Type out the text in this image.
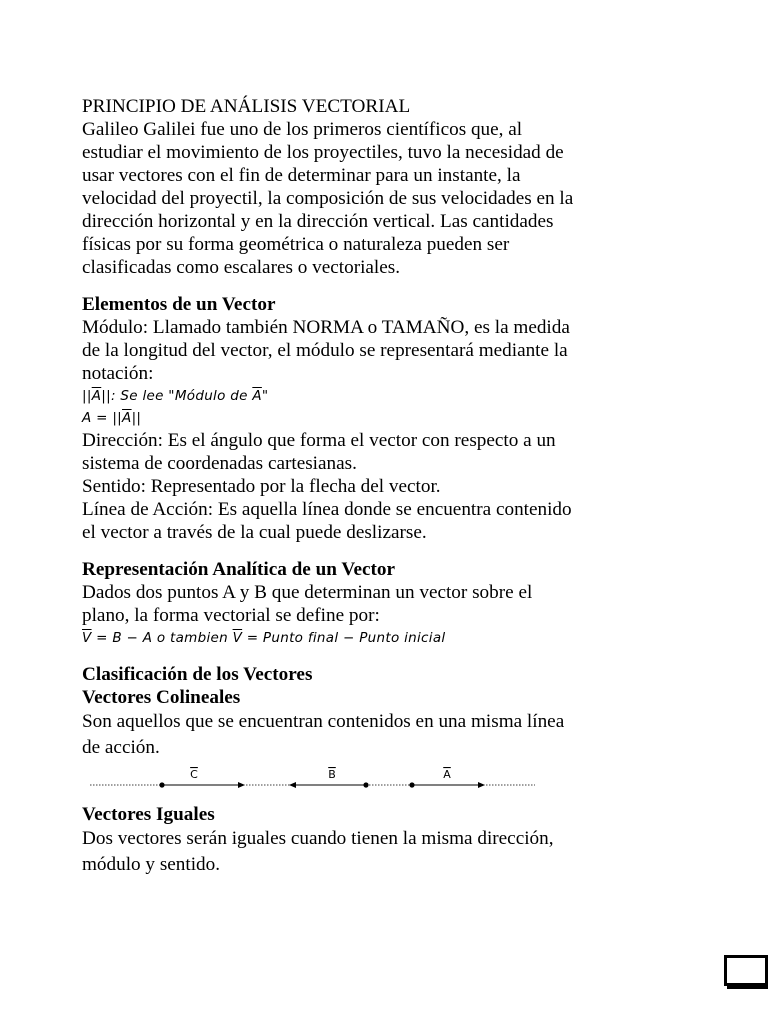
PRINCIPIO DE ANÁLISIS VECTORIAL

Galileo Galilei fue uno de los primeros científicos que, al

estudiar el movimiento de los proyectiles, tuvo la necesidad de

usar vectores con el fin de determinar para un instante, la

velocidad del proyectil, la composición de sus velocidades en la

dirección horizontal y en la dirección vertical. Las cantidades

físicas por su forma geométrica o naturaleza pueden ser

clasificadas como escalares o vectoriales.

Elementos de un Vector

Módulo: Llamado también NORMA o TAMAÑO, es la medida

de la longitud del vector, el módulo se representará mediante la

notación:

$||\overline{A}||$: Se lee "Módulo de $\overline{A}$"

$A = ||\overline{A}||$

Dirección: Es el ángulo que forma el vector con respecto a un

sistema de coordenadas cartesianas.

Sentido: Representado por la flecha del vector.

Línea de Acción: Es aquella línea donde se encuentra contenido

el vector a través de la cual puede deslizarse.

Representación Analítica de un Vector

Dados dos puntos A y B que determinan un vector sobre el

plano, la forma vectorial se define por:

$\overline{V} = B - A$ o tambien $\overline{V}$ = Punto final − Punto inicial

Clasificación de los Vectores

Vectores Colineales

Son aquellos que se encuentran contenidos en una misma línea

de acción.

C	B	A

Vectores Iguales

Dos vectores serán iguales cuando tienen la misma dirección,

módulo y sentido.
